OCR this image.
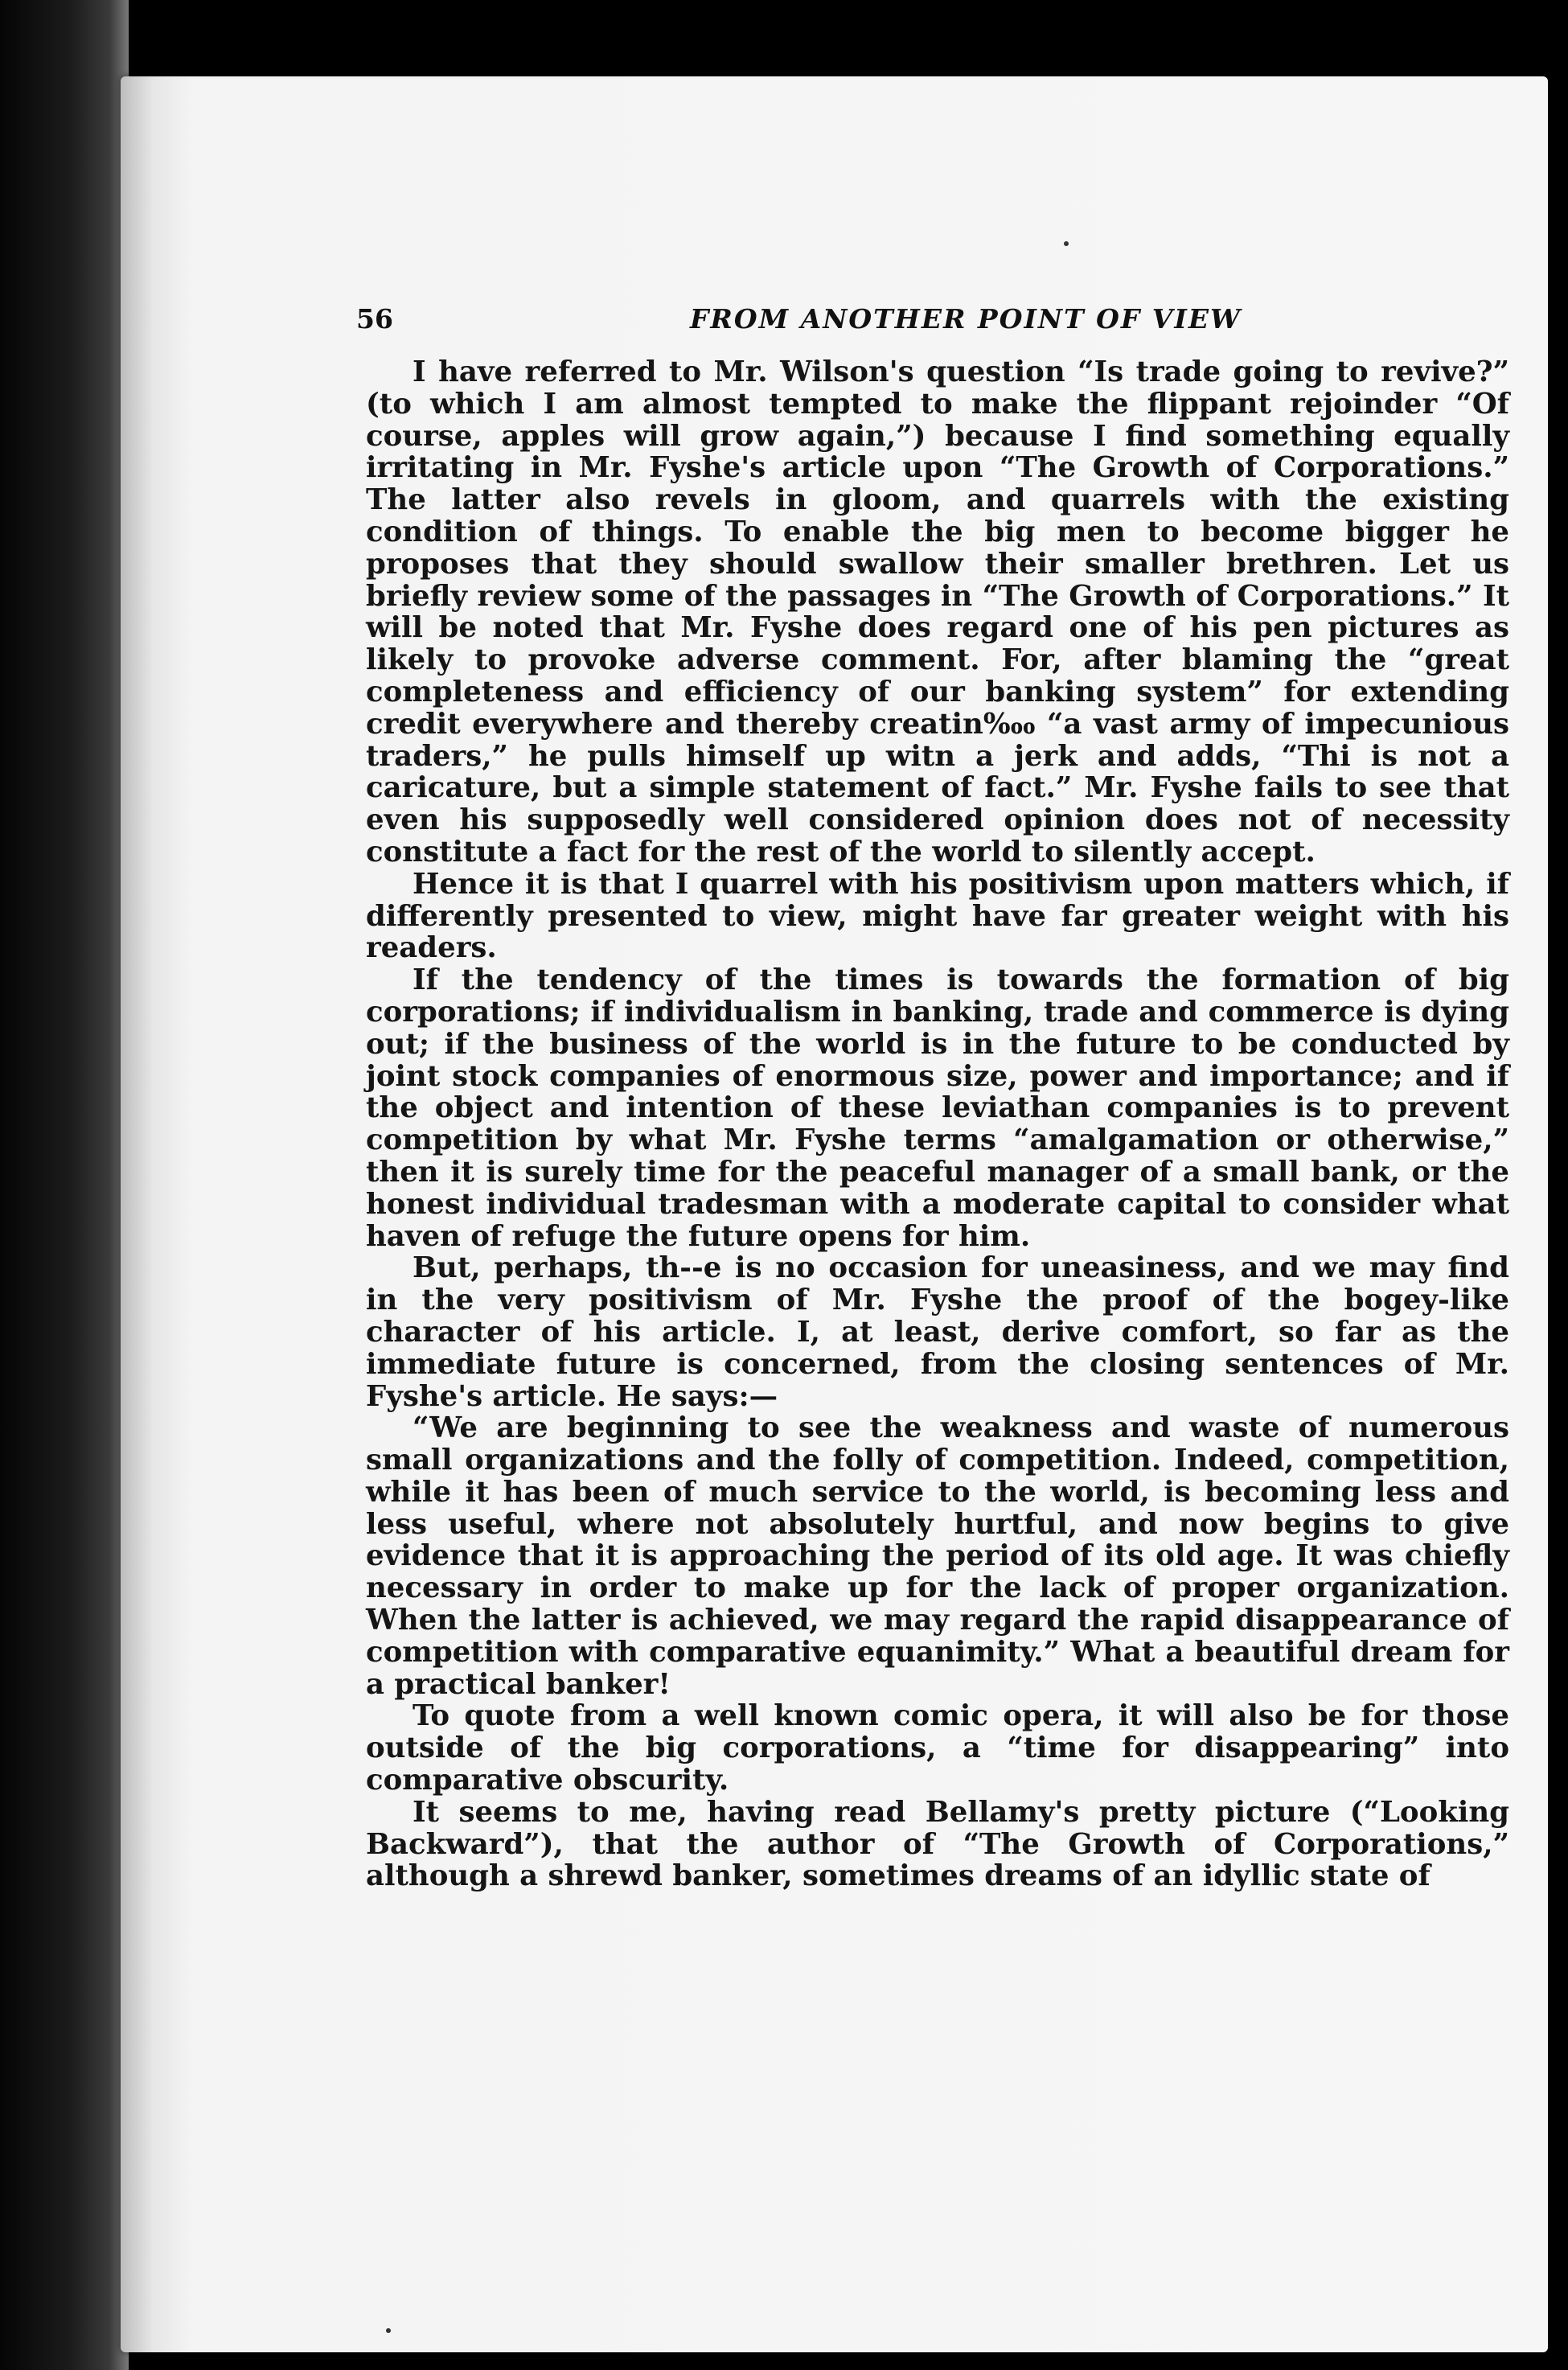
56	FROM ANOTHER POINT OF VIEW

I have referred to Mr. Wilson's question “Is trade going to revive?” (to which I am almost tempted to make the flippant rejoinder “Of course, apples will grow again,”) because I find something equally irritating in Mr. Fyshe's article upon “The Growth of Corporations.” The latter also revels in gloom, and quarrels with the existing condition of things. To enable the big men to become bigger he proposes that they should swallow their smaller brethren. Let us briefly review some of the passages in “The Growth of Corporations.” It will be noted that Mr. Fyshe does regard one of his pen pictures as likely to provoke adverse comment. For, after blaming the “great completeness and efficiency of our banking system” for extending credit everywhere and thereby creatin‱ “a vast army of impecunious traders,” he pulls himself up witn a jerk and adds, “Thi is not a caricature, but a simple statement of fact.” Mr. Fyshe fails to see that even his supposedly well considered opinion does not of necessity constitute a fact for the rest of the world to silently accept.

Hence it is that I quarrel with his positivism upon matters which, if differently presented to view, might have far greater weight with his readers.

If the tendency of the times is towards the formation of big corporations; if individualism in banking, trade and commerce is dying out; if the business of the world is in the future to be conducted by joint stock companies of enormous size, power and importance; and if the object and intention of these leviathan companies is to prevent competition by what Mr. Fyshe terms “amalgamation or otherwise,” then it is surely time for the peaceful manager of a small bank, or the honest individual tradesman with a moderate capital to consider what haven of refuge the future opens for him.

But, perhaps, th‑‑e is no occasion for uneasiness, and we may find in the very positivism of Mr. Fyshe the proof of the bogey-like character of his article. I, at least, derive comfort, so far as the immediate future is concerned, from the closing sentences of Mr. Fyshe's article. He says:—

“We are beginning to see the weakness and waste of numerous small organizations and the folly of competition. Indeed, competition, while it has been of much service to the world, is becoming less and less useful, where not absolutely hurtful, and now begins to give evidence that it is approaching the period of its old age. It was chiefly necessary in order to make up for the lack of proper organization. When the latter is achieved, we may regard the rapid disappearance of competition with comparative equanimity.” What a beautiful dream for a practical banker!

To quote from a well known comic opera, it will also be for those outside of the big corporations, a “time for disappearing” into comparative obscurity.

It seems to me, having read Bellamy's pretty picture (“Looking Backward”), that the author of “The Growth of Corporations,” although a shrewd banker, sometimes dreams of an idyllic state of
